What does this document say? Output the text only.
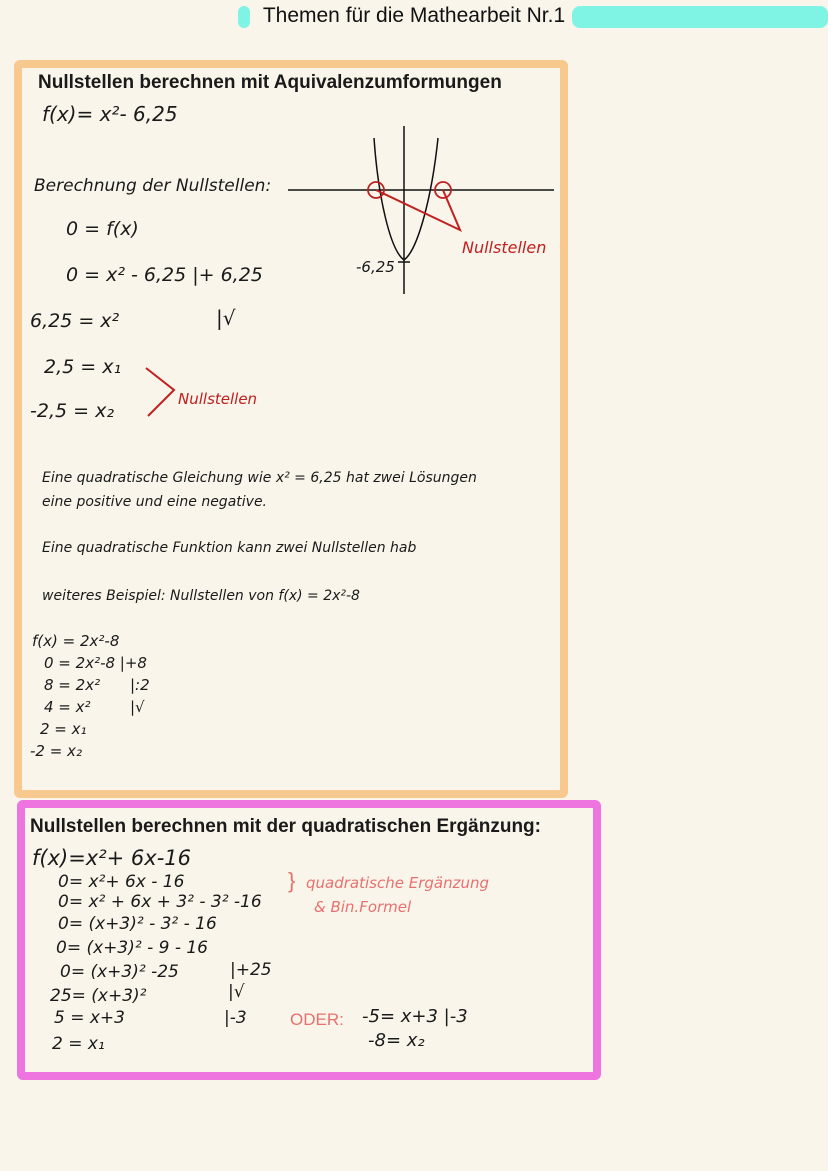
Themen für die Mathearbeit Nr.1
Nullstellen berechnen mit Aquivalenzumformungen
f(x)= x²- 6,25
Berechnung der Nullstellen:
0 = f(x)
0 = x² - 6,25 |+ 6,25
6,25 = x²	|√
2,5 = x₁
-2,5 = x₂
Nullstellen
-6,25
Nullstellen
Eine quadratische Gleichung wie x² = 6,25 hat zwei Lösungen
eine positive und eine negative.
Eine quadratische Funktion kann zwei Nullstellen hab
weiteres Beispiel: Nullstellen von f(x) = 2x²-8
f(x) = 2x²-8
0 = 2x²-8 |+8
8 = 2x² |:2
4 = x²	|√
2 = x₁
-2 = x₂
Nullstellen berechnen mit der quadratischen Ergänzung:
f(x)=x²+ 6x-16
0= x²+ 6x - 16
0= x² + 6x + 3² - 3² -16
0= (x+3)² - 3² - 16
0= (x+3)² - 9 - 16
0= (x+3)² -25	|+25
25= (x+3)²	|√
5 = x+3	|-3
2 = x₁
} quadratische Ergänzung
& Bin.Formel
ODER: -5= x+3 |-3
-8= x₂
